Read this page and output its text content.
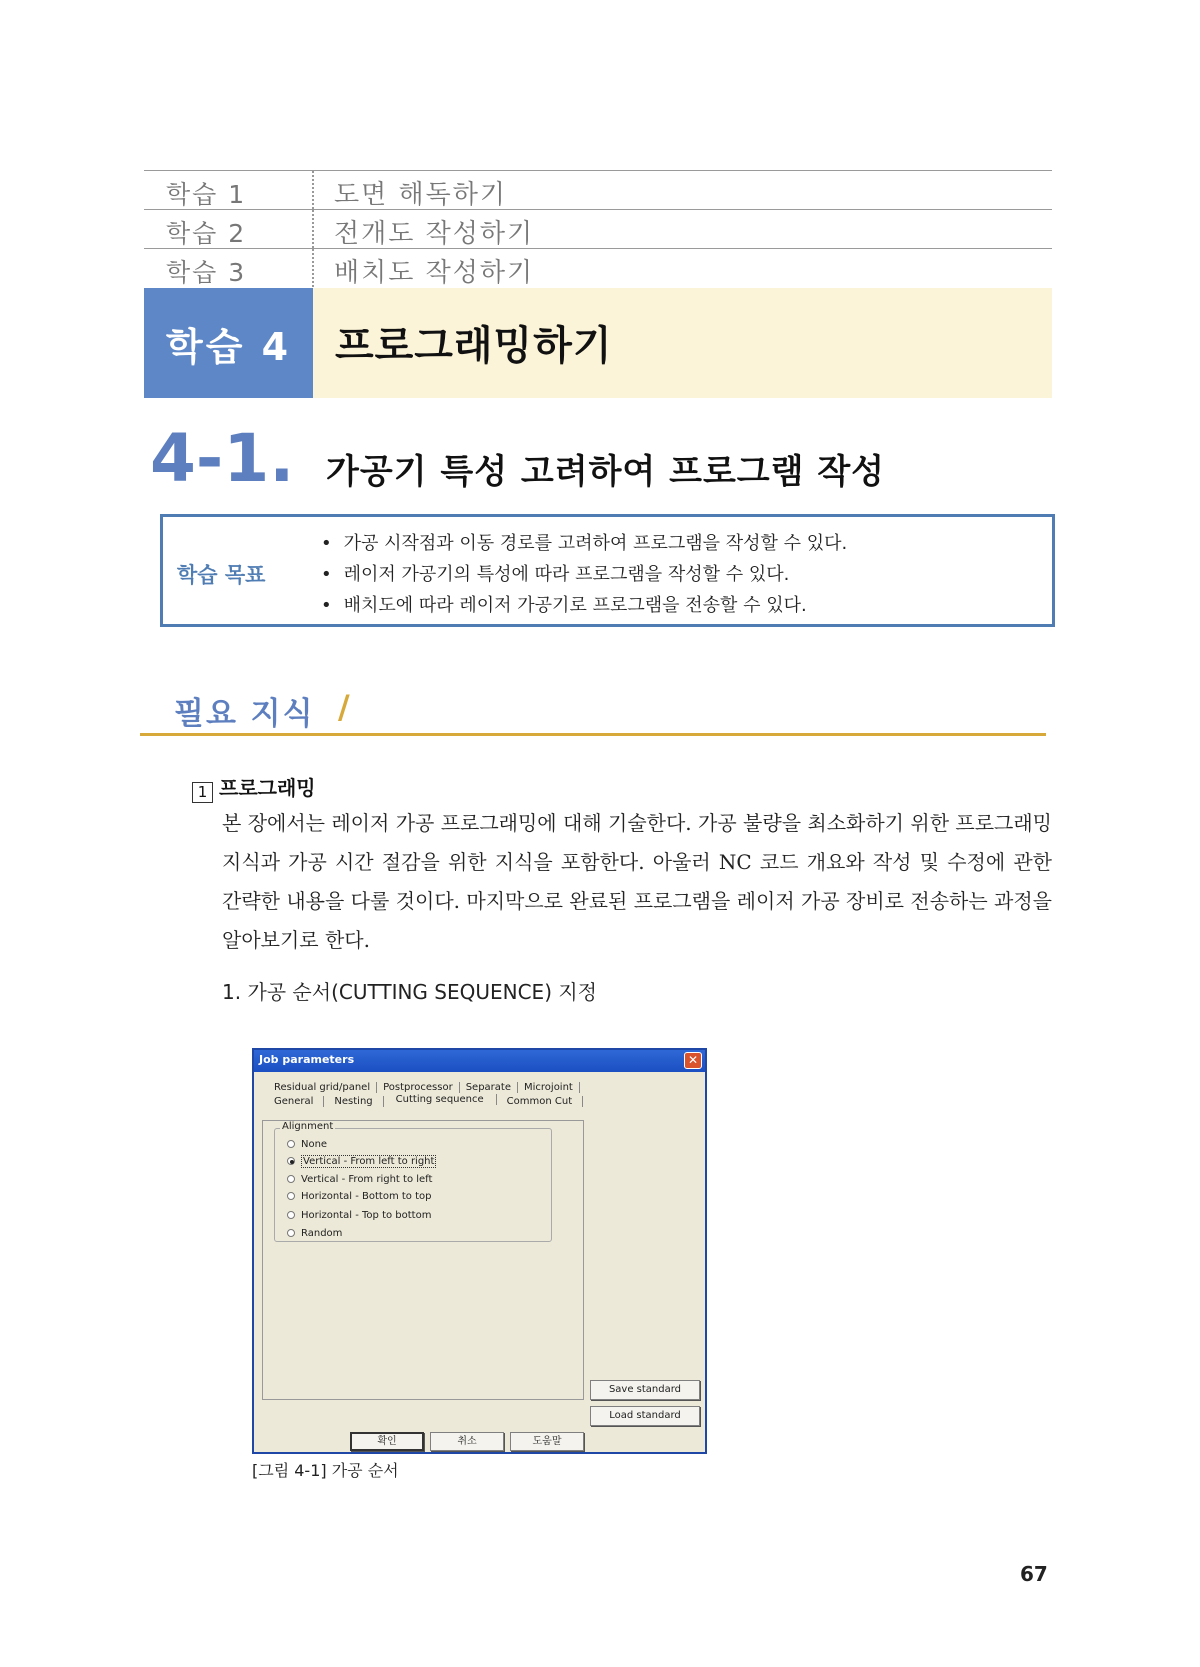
학습 1	도면 해독하기
학습 2	전개도 작성하기
학습 3	배치도 작성하기
학습 4	프로그래밍하기
4-1. 가공기 특성 고려하여 프로그램 작성
학습 목표
• 가공 시작점과 이동 경로를 고려하여 프로그램을 작성할 수 있다.
• 레이저 가공기의 특성에 따라 프로그램을 작성할 수 있다.
• 배치도에 따라 레이저 가공기로 프로그램을 전송할 수 있다.
필요 지식 /
1 프로그래밍

본 장에서는 레이저 가공 프로그래밍에 대해 기술한다. 가공 불량을 최소화하기 위한 프로그래밍 지식과 가공 시간 절감을 위한 지식을 포함한다. 아울러 NC 코드 개요와 작성 및 수정에 관한 간략한 내용을 다룰 것이다. 마지막으로 완료된 프로그램을 레이저 가공 장비로 전송하는 과정을 알아보기로 한다.

1. 가공 순서(CUTTING SEQUENCE) 지정
Job parameters	✕
Residual grid/panel Postprocessor Separate Microjoint
General Nesting Cutting sequence Common Cut
Alignment
None
Vertical - From left to right
Vertical - From right to left
Horizontal - Bottom to top
Horizontal - Top to bottom
Random
Save standard
Load standard
확인	취소	도움말
[그림 4-1] 가공 순서
67
